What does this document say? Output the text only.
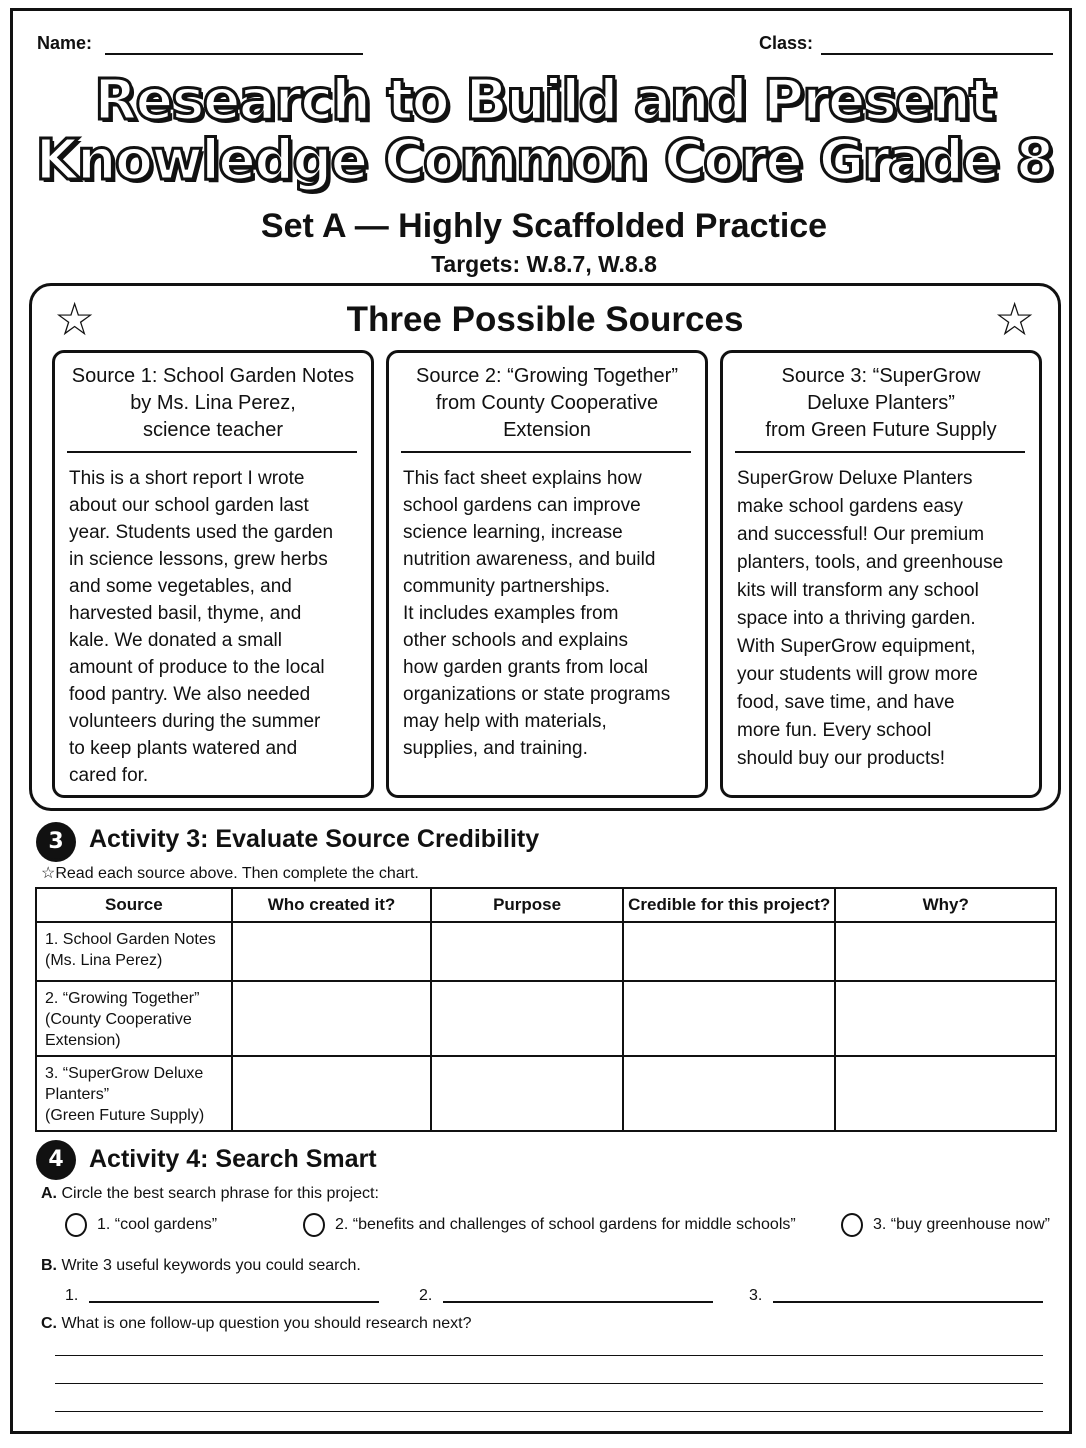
Name:	Class:
Research to Build and Present
Knowledge Common Core Grade 8
Set A — Highly Scaffolded Practice
Targets: W.8.7, W.8.8
☆	☆
Three Possible Sources
Source 1: School Garden Notes
by Ms. Lina Perez,
science teacher
This is a short report I wrote
about our school garden last
year. Students used the garden
in science lessons, grew herbs
and some vegetables, and
harvested basil, thyme, and
kale. We donated a small
amount of produce to the local
food pantry. We also needed
volunteers during the summer
to keep plants watered and
cared for.
Source 2: “Growing Together”
from County Cooperative
Extension
This fact sheet explains how
school gardens can improve
science learning, increase
nutrition awareness, and build
community partnerships.
It includes examples from
other schools and explains
how garden grants from local
organizations or state programs
may help with materials,
supplies, and training.
Source 3: “SuperGrow
Deluxe Planters”
from Green Future Supply
SuperGrow Deluxe Planters
make school gardens easy
and successful! Our premium
planters, tools, and greenhouse
kits will transform any school
space into a thriving garden.
With SuperGrow equipment,
your students will grow more
food, save time, and have
more fun. Every school
should buy our products!
3	Activity 3: Evaluate Source Credibility
☆Read each source above. Then complete the chart.
Source	Who created it?	Purpose	Credible for this project?	Why?
1. School Garden Notes
(Ms. Lina Perez)				
2. “Growing Together”
(County Cooperative
Extension)				
3. “SuperGrow Deluxe
Planters”
(Green Future Supply)				
4	Activity 4: Search Smart
A. Circle the best search phrase for this project:
1. “cool gardens”	2. “benefits and challenges of school gardens for middle schools”	3. “buy greenhouse now”
B. Write 3 useful keywords you could search.
1.	2.	3.
C. What is one follow-up question you should research next?
